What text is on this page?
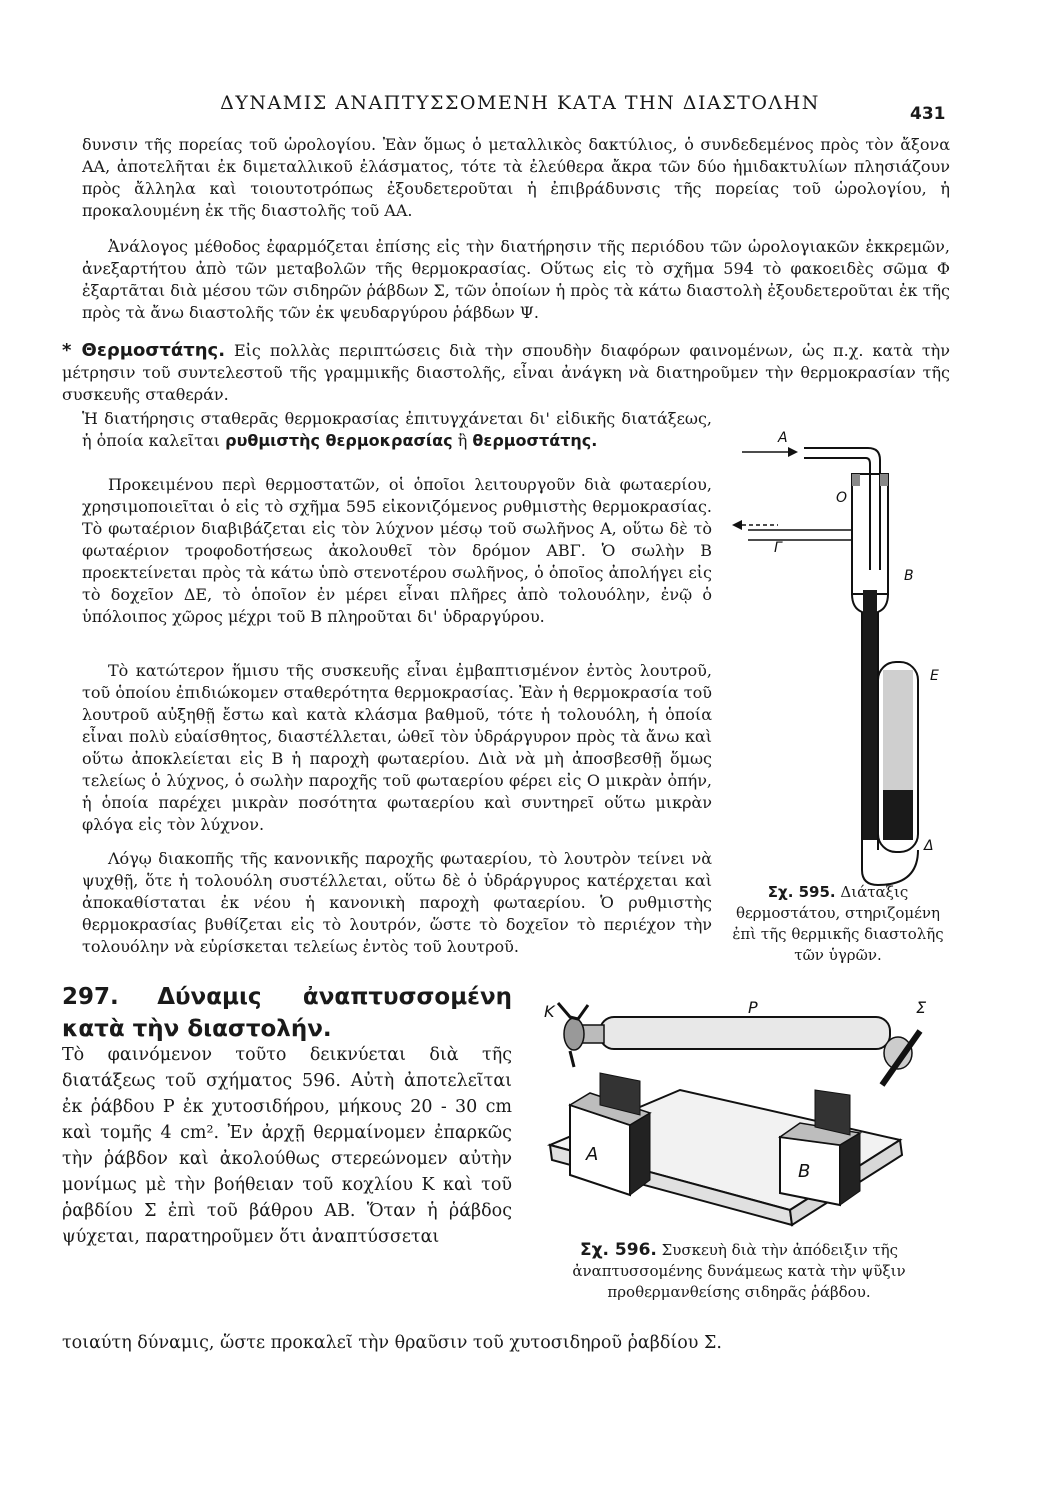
ΔΥΝΑΜΙΣ ΑΝΑΠΤΥΣΣΟΜΕΝΗ ΚΑΤΑ ΤΗΝ ΔΙΑΣΤΟΛΗΝ	431

δυνσιν τῆς πορείας τοῦ ὡρολογίου. Ἐὰν ὅμως ὁ μεταλλικὸς δακτύλιος, ὁ συνδεδεμένος πρὸς τὸν ἄξονα ΑΑ, ἀποτελῆται ἐκ διμεταλλικοῦ ἐλάσματος, τότε τὰ ἐλεύθερα ἄκρα τῶν δύο ἡμιδακτυλίων πλησιάζουν πρὸς ἄλληλα καὶ τοιουτοτρόπως ἐξουδετεροῦται ἡ ἐπιβράδυνσις τῆς πορείας τοῦ ὡρολογίου, ἡ προκαλουμένη ἐκ τῆς διαστολῆς τοῦ ΑΑ.

Ἀνάλογος μέθοδος ἐφαρμόζεται ἐπίσης εἰς τὴν διατήρησιν τῆς περιόδου τῶν ὡρολογιακῶν ἐκκρεμῶν, ἀνεξαρτήτου ἀπὸ τῶν μεταβολῶν τῆς θερμοκρασίας. Οὕτως εἰς τὸ σχῆμα 594 τὸ φακοειδὲς σῶμα Φ ἐξαρτᾶται διὰ μέσου τῶν σιδηρῶν ῥάβδων Σ, τῶν ὁποίων ἡ πρὸς τὰ κάτω διαστολὴ ἐξουδετεροῦται ἐκ τῆς πρὸς τὰ ἄνω διαστολῆς τῶν ἐκ ψευδαργύρου ῥάβδων Ψ.

* Θερμοστάτης. Εἰς πολλὰς περιπτώσεις διὰ τὴν σπουδὴν διαφόρων φαινομένων, ὡς π.χ. κατὰ τὴν μέτρησιν τοῦ συντελεστοῦ τῆς γραμμικῆς διαστολῆς, εἶναι ἀνάγκη νὰ διατηροῦμεν τὴν θερμοκρασίαν τῆς συσκευῆς σταθεράν.

Ἡ διατήρησις σταθερᾶς θερμοκρασίας ἐπιτυγχάνεται δι' εἰδικῆς διατάξεως, ἡ ὁποία καλεῖται ρυθμιστὴς θερμοκρασίας ἢ θερμοστάτης.

Προκειμένου περὶ θερμοστατῶν, οἱ ὁποῖοι λειτουργοῦν διὰ φωταερίου, χρησιμοποιεῖται ὁ εἰς τὸ σχῆμα 595 εἰκονιζόμενος ρυθμιστὴς θερμοκρασίας. Τὸ φωταέριον διαβιβάζεται εἰς τὸν λύχνον μέσῳ τοῦ σωλῆνος Α, οὕτω δὲ τὸ φωταέριον τροφοδοτήσεως ἀκολουθεῖ τὸν δρόμον ΑΒΓ. Ὁ σωλὴν Β προεκτείνεται πρὸς τὰ κάτω ὑπὸ στενοτέρου σωλῆνος, ὁ ὁποῖος ἀπολήγει εἰς τὸ δοχεῖον ΔΕ, τὸ ὁποῖον ἐν μέρει εἶναι πλῆρες ἀπὸ τολουόλην, ἐνῷ ὁ ὑπόλοιπος χῶρος μέχρι τοῦ Β πληροῦται δι' ὑδραργύρου.

Τὸ κατώτερον ἥμισυ τῆς συσκευῆς εἶναι ἐμβαπτισμένον ἐντὸς λουτροῦ, τοῦ ὁποίου ἐπιδιώκομεν σταθερότητα θερμοκρασίας. Ἐὰν ἡ θερμοκρασία τοῦ λουτροῦ αὐξηθῇ ἔστω καὶ κατὰ κλάσμα βαθμοῦ, τότε ἡ τολουόλη, ἡ ὁποία εἶναι πολὺ εὐαίσθητος, διαστέλλεται, ὠθεῖ τὸν ὑδράργυρον πρὸς τὰ ἄνω καὶ οὕτω ἀποκλείεται εἰς Β ἡ παροχὴ φωταερίου. Διὰ νὰ μὴ ἀποσβεσθῇ ὅμως τελείως ὁ λύχνος, ὁ σωλὴν παροχῆς τοῦ φωταερίου φέρει εἰς Ο μικρὰν ὀπήν, ἡ ὁποία παρέχει μικρὰν ποσότητα φωταερίου καὶ συντηρεῖ οὕτω μικρὰν φλόγα εἰς τὸν λύχνον.

Λόγῳ διακοπῆς τῆς κανονικῆς παροχῆς φωταερίου, τὸ λουτρὸν τείνει νὰ ψυχθῇ, ὅτε ἡ τολουόλη συστέλλεται, οὕτω δὲ ὁ ὑδράργυρος κατέρχεται καὶ ἀποκαθίσταται ἐκ νέου ἡ κανονικὴ παροχὴ φωταερίου. Ὁ ρυθμιστὴς θερμοκρασίας βυθίζεται εἰς τὸ λουτρόν, ὥστε τὸ δοχεῖον τὸ περιέχον τὴν τολουόλην νὰ εὑρίσκεται τελείως ἐντὸς τοῦ λουτροῦ.

A
O
Γ
B
E
Δ
Σχ. 595. Διάταξις θερμοστάτου, στηριζομένη ἐπὶ τῆς θερμικῆς διαστολῆς τῶν ὑγρῶν.
297. Δύναμις ἀναπτυσσομένη κατὰ τὴν διαστολήν.

Τὸ φαινόμενον τοῦτο δεικνύεται διὰ τῆς διατάξεως τοῦ σχήματος 596. Αὐτὴ ἀποτελεῖται ἐκ ῥάβδου Ρ ἐκ χυτοσιδήρου, μήκους 20 - 30 cm καὶ τομῆς 4 cm². Ἐν ἀρχῇ θερμαίνομεν ἐπαρκῶς τὴν ῥάβδον καὶ ἀκολούθως στερεώνομεν αὐτὴν μονίμως μὲ τὴν βοήθειαν τοῦ κοχλίου Κ καὶ τοῦ ῥαβδίου Σ ἐπὶ τοῦ βάθρου ΑΒ. Ὅταν ἡ ῥάβδος ψύχεται, παρατηροῦμεν ὅτι ἀναπτύσσεται

τοιαύτη δύναμις, ὥστε προκαλεῖ τὴν θραῦσιν τοῦ χυτοσιδηροῦ ῥαβδίου Σ.

K	P	Σ
A
B
Σχ. 596. Συσκευὴ διὰ τὴν ἀπόδειξιν τῆς ἀναπτυσσομένης δυνάμεως κατὰ τὴν ψῦξιν προθερμανθείσης σιδηρᾶς ῥάβδου.
